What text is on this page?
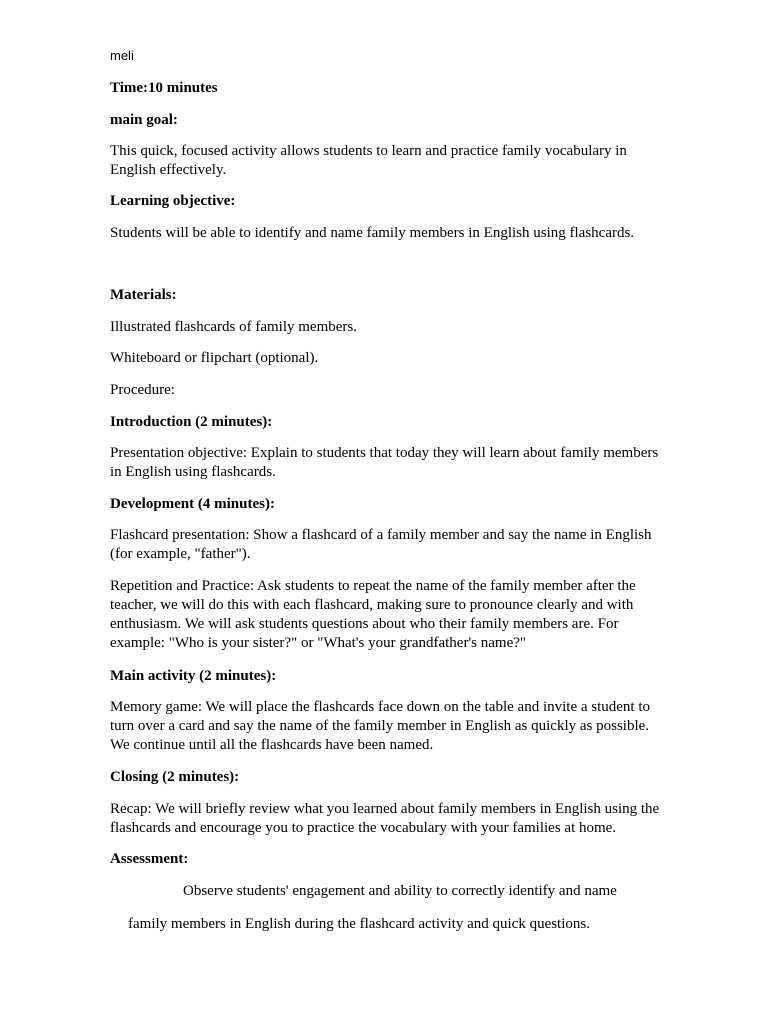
meli

Time:10 minutes

main goal:

This quick, focused activity allows students to learn and practice family vocabulary in English effectively.

Learning objective:

Students will be able to identify and name family members in English using flashcards.

Materials:

Illustrated flashcards of family members.

Whiteboard or flipchart (optional).

Procedure:

Introduction (2 minutes):

Presentation objective: Explain to students that today they will learn about family members in English using flashcards.

Development (4 minutes):

Flashcard presentation: Show a flashcard of a family member and say the name in English (for example, "father").

Repetition and Practice: Ask students to repeat the name of the family member after the teacher, we will do this with each flashcard, making sure to pronounce clearly and with enthusiasm. We will ask students questions about who their family members are. For example: "Who is your sister?" or "What's your grandfather's name?"

Main activity (2 minutes):

Memory game: We will place the flashcards face down on the table and invite a student to turn over a card and say the name of the family member in English as quickly as possible. We continue until all the flashcards have been named.

Closing (2 minutes):

Recap: We will briefly review what you learned about family members in English using the flashcards and encourage you to practice the vocabulary with your families at home.

Assessment:

Observe students' engagement and ability to correctly identify and name

family members in English during the flashcard activity and quick questions.
